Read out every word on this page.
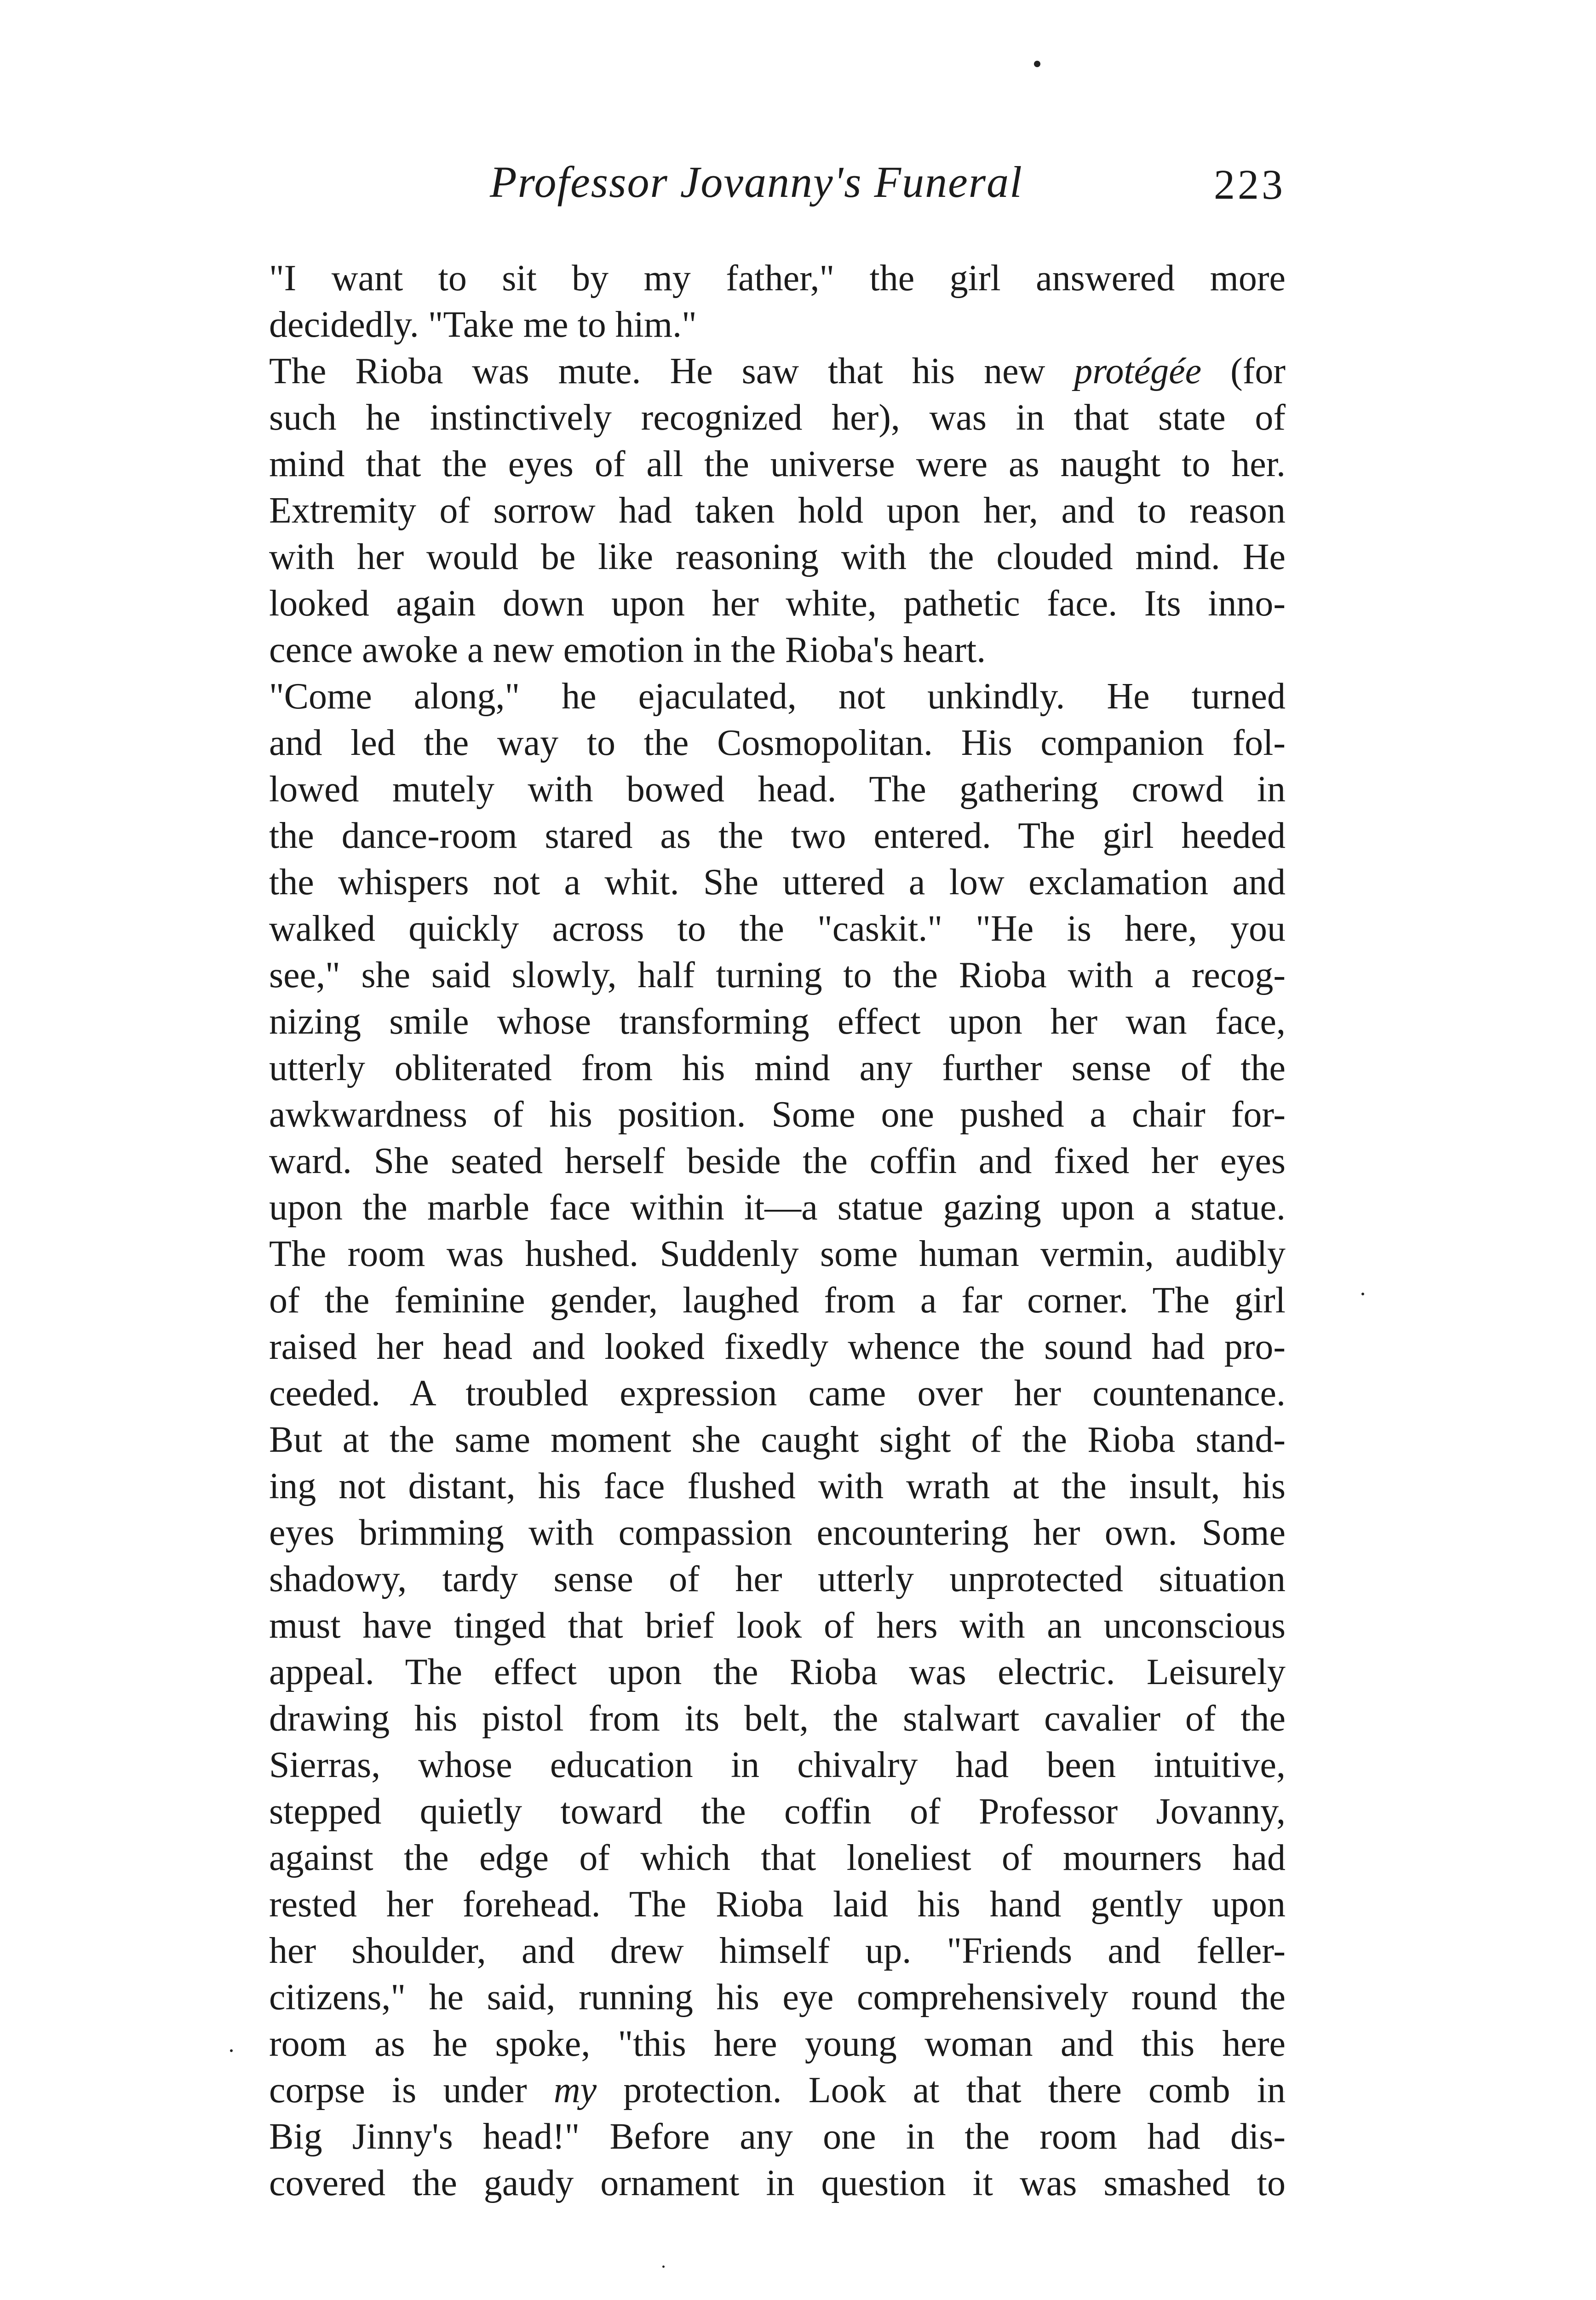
Professor Jovanny's Funeral	223
"I want to sit by my father," the girl answered more
decidedly. "Take me to him."
The Rioba was mute. He saw that his new protégée (for
such he instinctively recognized her), was in that state of
mind that the eyes of all the universe were as naught to her.
Extremity of sorrow had taken hold upon her, and to reason
with her would be like reasoning with the clouded mind. He
looked again down upon her white, pathetic face. Its inno-
cence awoke a new emotion in the Rioba's heart.
"Come along," he ejaculated, not unkindly. He turned
and led the way to the Cosmopolitan. His companion fol-
lowed mutely with bowed head. The gathering crowd in
the dance-room stared as the two entered. The girl heeded
the whispers not a whit. She uttered a low exclamation and
walked quickly across to the "caskit." "He is here, you
see," she said slowly, half turning to the Rioba with a recog-
nizing smile whose transforming effect upon her wan face,
utterly obliterated from his mind any further sense of the
awkwardness of his position. Some one pushed a chair for-
ward. She seated herself beside the coffin and fixed her eyes
upon the marble face within it—a statue gazing upon a statue.
The room was hushed. Suddenly some human vermin, audibly
of the feminine gender, laughed from a far corner. The girl
raised her head and looked fixedly whence the sound had pro-
ceeded. A troubled expression came over her countenance.
But at the same moment she caught sight of the Rioba stand-
ing not distant, his face flushed with wrath at the insult, his
eyes brimming with compassion encountering her own. Some
shadowy, tardy sense of her utterly unprotected situation
must have tinged that brief look of hers with an unconscious
appeal. The effect upon the Rioba was electric. Leisurely
drawing his pistol from its belt, the stalwart cavalier of the
Sierras, whose education in chivalry had been intuitive,
stepped quietly toward the coffin of Professor Jovanny,
against the edge of which that loneliest of mourners had
rested her forehead. The Rioba laid his hand gently upon
her shoulder, and drew himself up. "Friends and feller-
citizens," he said, running his eye comprehensively round the
room as he spoke, "this here young woman and this here
corpse is under my protection. Look at that there comb in
Big Jinny's head!" Before any one in the room had dis-
covered the gaudy ornament in question it was smashed to
